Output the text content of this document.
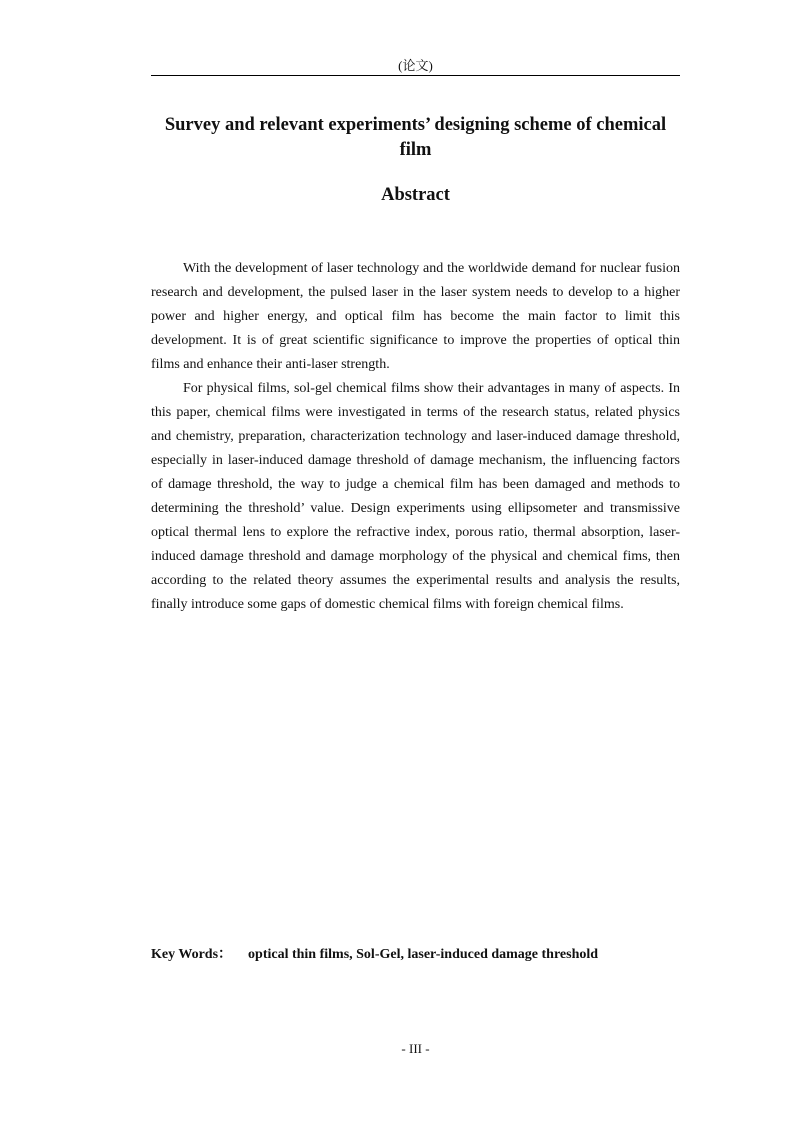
(论文)
Survey and relevant experiments’ designing scheme of chemical film
Abstract

With the development of laser technology and the worldwide demand for nuclear fusion research and development, the pulsed laser in the laser system needs to develop to a higher power and higher energy, and optical film has become the main factor to limit this development. It is of great scientific significance to improve the properties of optical thin films and enhance their anti-laser strength.

For physical films, sol-gel chemical films show their advantages in many of aspects. In this paper, chemical films were investigated in terms of the research status, related physics and chemistry, preparation, characterization technology and laser-induced damage threshold, especially in laser-induced damage threshold of damage mechanism, the influencing factors of damage threshold, the way to judge a chemical film has been damaged and methods to determining the threshold’ value. Design experiments using ellipsometer and transmissive optical thermal lens to explore the refractive index, porous ratio, thermal absorption, laser-induced damage threshold and damage morphology of the physical and chemical fims, then according to the related theory assumes the experimental results and analysis the results, finally introduce some gaps of domestic chemical films with foreign chemical films.

Key Words： optical thin films, Sol-Gel, laser-induced damage threshold
- III -
